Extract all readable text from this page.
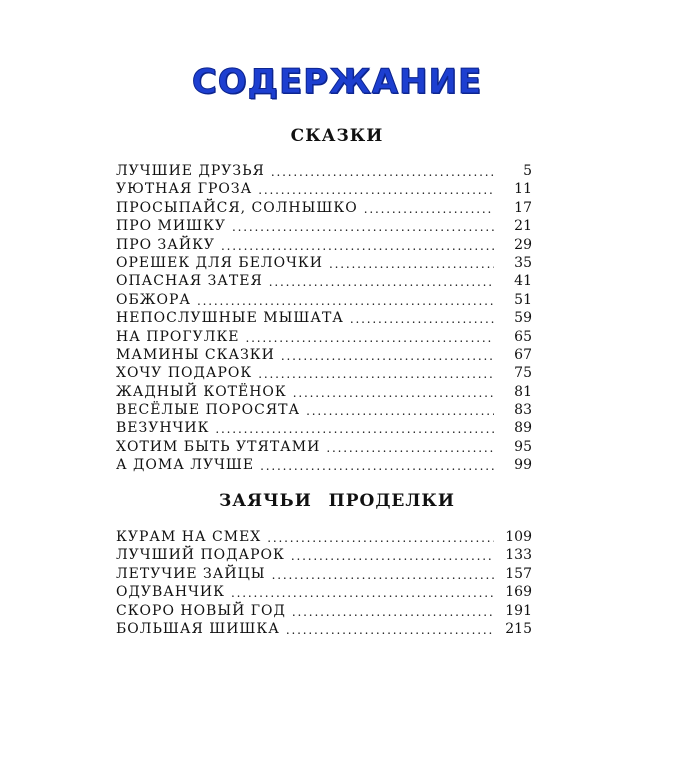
СОДЕРЖАНИЕ
СКАЗКИ
ЛУЧШИЕ ДРУЗЬЯ . . .	5
УЮТНАЯ ГРОЗА . . .	11
ПРОСЫПАЙСЯ, СОЛНЫШКО . . .	17
ПРО МИШКУ . . .	21
ПРО ЗАЙКУ . . .	29
ОРЕШЕК ДЛЯ БЕЛОЧКИ . . .	35
ОПАСНАЯ ЗАТЕЯ . . .	41
ОБЖОРА . . .	51
НЕПОСЛУШНЫЕ МЫШАТА . . .	59
НА ПРОГУЛКЕ . . .	65
МАМИНЫ СКАЗКИ . . .	67
ХОЧУ ПОДАРОК . . .	75
ЖАДНЫЙ КОТЁНОК . . .	81
ВЕСЁЛЫЕ ПОРОСЯТА . . .	83
ВЕЗУНЧИК . . .	89
ХОТИМ БЫТЬ УТЯТАМИ . . .	95
А ДОМА ЛУЧШЕ . . .	99
ЗАЯЧЬИ ПРОДЕЛКИ
КУРАМ НА СМЕХ . . .	109
ЛУЧШИЙ ПОДАРОК . . .	133
ЛЕТУЧИЕ ЗАЙЦЫ . . .	157
ОДУВАНЧИК . . .	169
СКОРО НОВЫЙ ГОД . . .	191
БОЛЬШАЯ ШИШКА . . .	215
